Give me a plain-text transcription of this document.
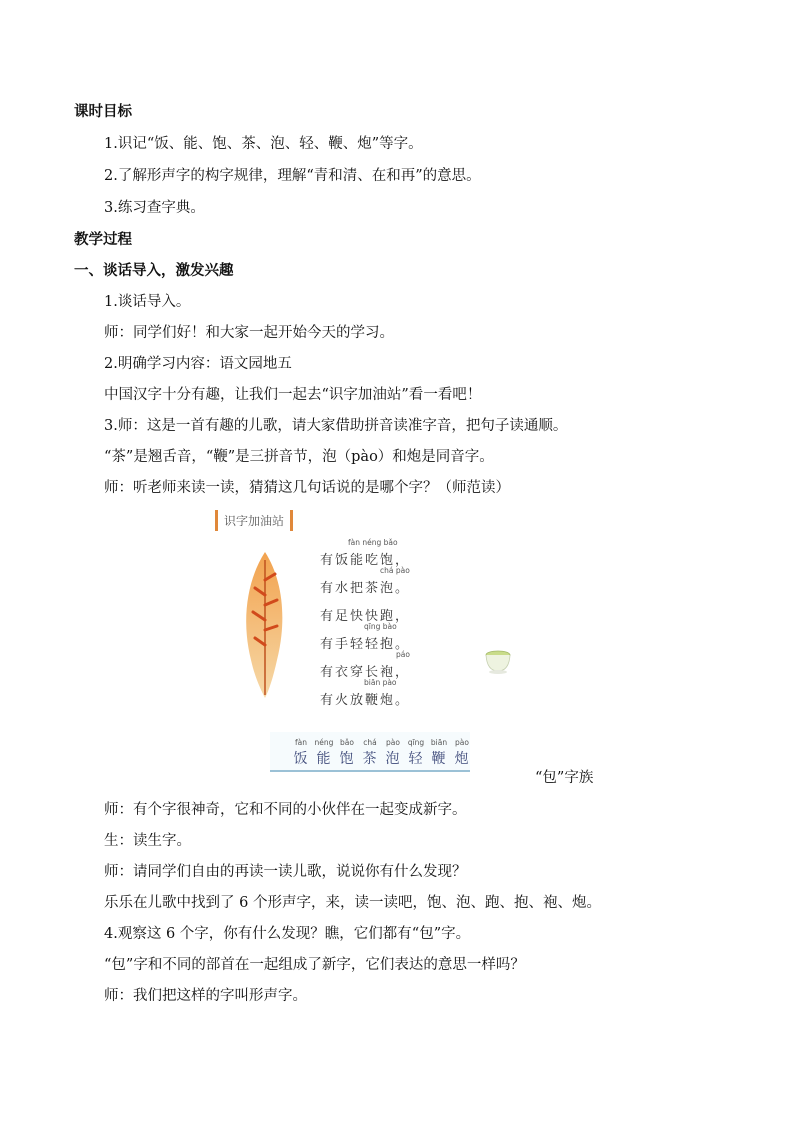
课时目标
1.识记“饭、能、饱、茶、泡、轻、鞭、炮”等字。
2.了解形声字的构字规律，理解“青和清、在和再”的意思。
3.练习查字典。
教学过程
一、谈话导入，激发兴趣
1.谈话导入。
师：同学们好！和大家一起开始今天的学习。
2.明确学习内容：语文园地五
中国汉字十分有趣，让我们一起去“识字加油站”看一看吧！
3.师：这是一首有趣的儿歌，请大家借助拼音读准字音，把句子读通顺。
“茶”是翘舌音，“鞭”是三拼音节，泡（pào）和炮是同音字。
师：听老师来读一读，猜猜这几句话说的是哪个字？（师范读）
识字加油站
fàn néng bǎo
有饭能吃饱，
chá pào
有水把茶泡。
有足快快跑，
qīng bào
有手轻轻抱。
páo
有衣穿长袍，
biān pào
有火放鞭炮。
fàn
饭
néng
能
bǎo
饱
chá
茶
pào
泡
qīng
轻
biān
鞭
pào
炮
“包”字族
师：有个字很神奇，它和不同的小伙伴在一起变成新字。
生：读生字。
师：请同学们自由的再读一读儿歌，说说你有什么发现？
乐乐在儿歌中找到了 6 个形声字，来，读一读吧，饱、泡、跑、抱、袍、炮。
4.观察这 6 个字，你有什么发现？瞧，它们都有“包”字。
“包”字和不同的部首在一起组成了新字，它们表达的意思一样吗？
师：我们把这样的字叫形声字。
